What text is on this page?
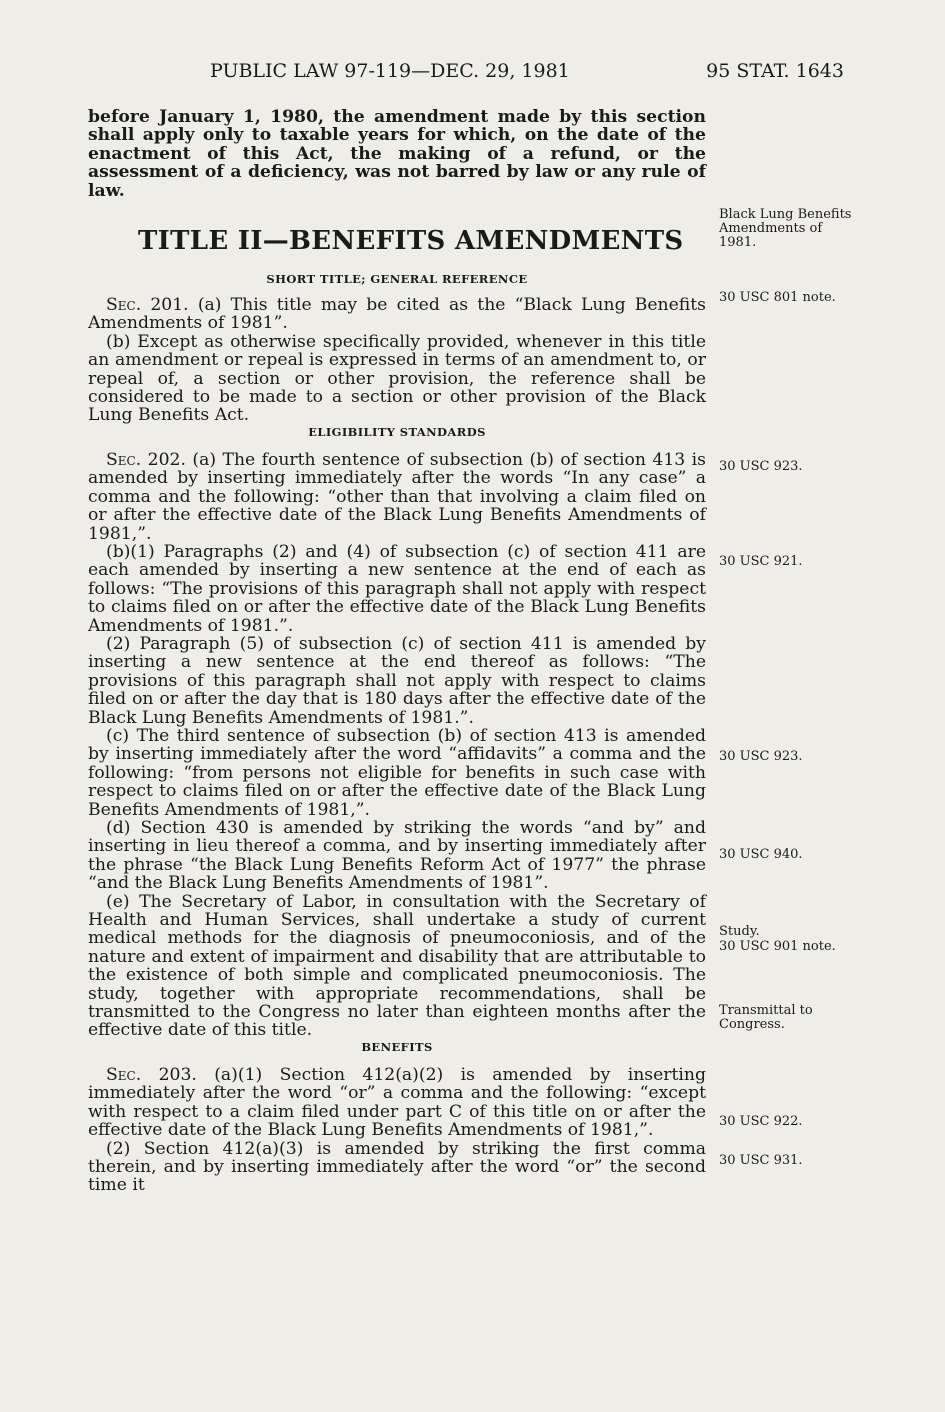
PUBLIC LAW 97-119—DEC. 29, 1981	95 STAT. 1643

before January 1, 1980, the amendment made by this section shall apply only to taxable years for which, on the date of the enactment of this Act, the making of a refund, or the assessment of a deficiency, was not barred by law or any rule of law.

TITLE II—BENEFITS AMENDMENTS

SHORT TITLE; GENERAL REFERENCE

Sec. 201. (a) This title may be cited as the “Black Lung Benefits Amendments of 1981”.

(b) Except as otherwise specifically provided, whenever in this title an amendment or repeal is expressed in terms of an amendment to, or repeal of, a section or other provision, the reference shall be considered to be made to a section or other provision of the Black Lung Benefits Act.

ELIGIBILITY STANDARDS

Sec. 202. (a) The fourth sentence of subsection (b) of section 413 is amended by inserting immediately after the words “In any case” a comma and the following: “other than that involving a claim filed on or after the effective date of the Black Lung Benefits Amendments of 1981,”.

(b)(1) Paragraphs (2) and (4) of subsection (c) of section 411 are each amended by inserting a new sentence at the end of each as follows: “The provisions of this paragraph shall not apply with respect to claims filed on or after the effective date of the Black Lung Benefits Amendments of 1981.”.

(2) Paragraph (5) of subsection (c) of section 411 is amended by inserting a new sentence at the end thereof as follows: “The provisions of this paragraph shall not apply with respect to claims filed on or after the day that is 180 days after the effective date of the Black Lung Benefits Amendments of 1981.”.

(c) The third sentence of subsection (b) of section 413 is amended by inserting immediately after the word “affidavits” a comma and the following: “from persons not eligible for benefits in such case with respect to claims filed on or after the effective date of the Black Lung Benefits Amendments of 1981,”.

(d) Section 430 is amended by striking the words “and by” and inserting in lieu thereof a comma, and by inserting immediately after the phrase “the Black Lung Benefits Reform Act of 1977” the phrase “and the Black Lung Benefits Amendments of 1981”.

(e) The Secretary of Labor, in consultation with the Secretary of Health and Human Services, shall undertake a study of current medical methods for the diagnosis of pneumoconiosis, and of the nature and extent of impairment and disability that are attributable to the existence of both simple and complicated pneumoconiosis. The study, together with appropriate recommendations, shall be transmitted to the Congress no later than eighteen months after the effective date of this title.

BENEFITS

Sec. 203. (a)(1) Section 412(a)(2) is amended by inserting immediately after the word “or” a comma and the following: “except with respect to a claim filed under part C of this title on or after the effective date of the Black Lung Benefits Amendments of 1981,”.

(2) Section 412(a)(3) is amended by striking the first comma therein, and by inserting immediately after the word “or” the second time it

Black Lung Benefits Amendments of 1981.
30 USC 801 note.
30 USC 923.
30 USC 921.
30 USC 923.
30 USC 940.
Study.
30 USC 901 note.
Transmittal to Congress.
30 USC 922.
30 USC 931.
